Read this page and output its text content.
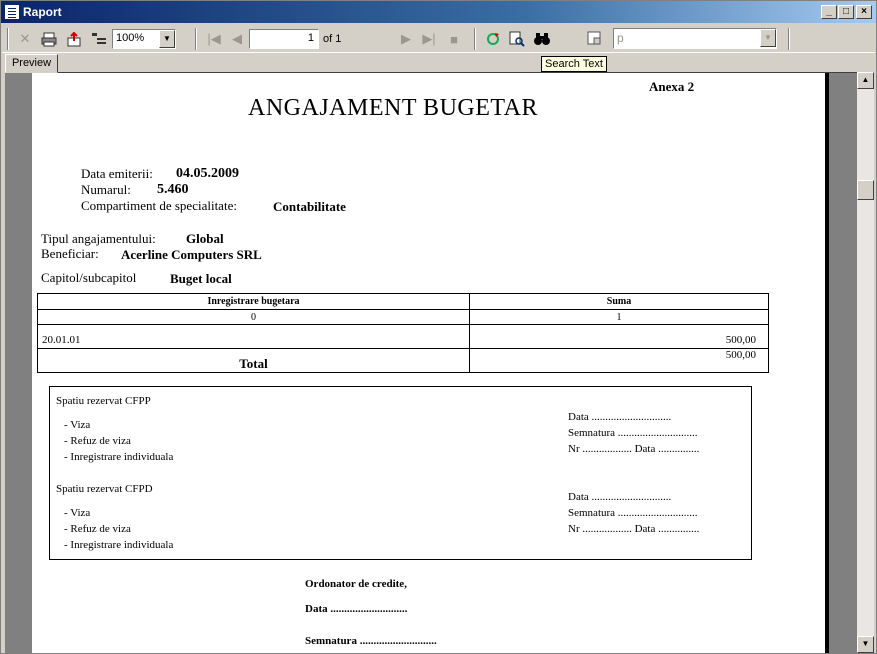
Raport	_	□	×
✕	|◀ ◀	▶ ▶|	■
100%	▼	1 of 1	p	▼
Search Text
Preview
Anexa 2
ANGAJAMENT BUGETAR
Data emiterii: 04.05.2009
Numarul: 5.460
Compartiment de specialitate:	Contabilitate
Tipul angajamentului: Global
Beneficiar: Acerline Computers SRL
Capitol/subcapitol	Buget local
Inregistrare bugetara	Suma
0	1
20.01.01	500,00
Total	500,00
Spatiu rezervat CFPP
- Viza
- Refuz de viza
- Inregistrare individuala
Data .............................
Semnatura .............................
Nr .................. Data ...............
Spatiu rezervat CFPD
- Viza
- Refuz de viza
- Inregistrare individuala
Data .............................
Semnatura .............................
Nr .................. Data ...............
Ordonator de credite,
Data ............................
Semnatura ............................
▲
▼
